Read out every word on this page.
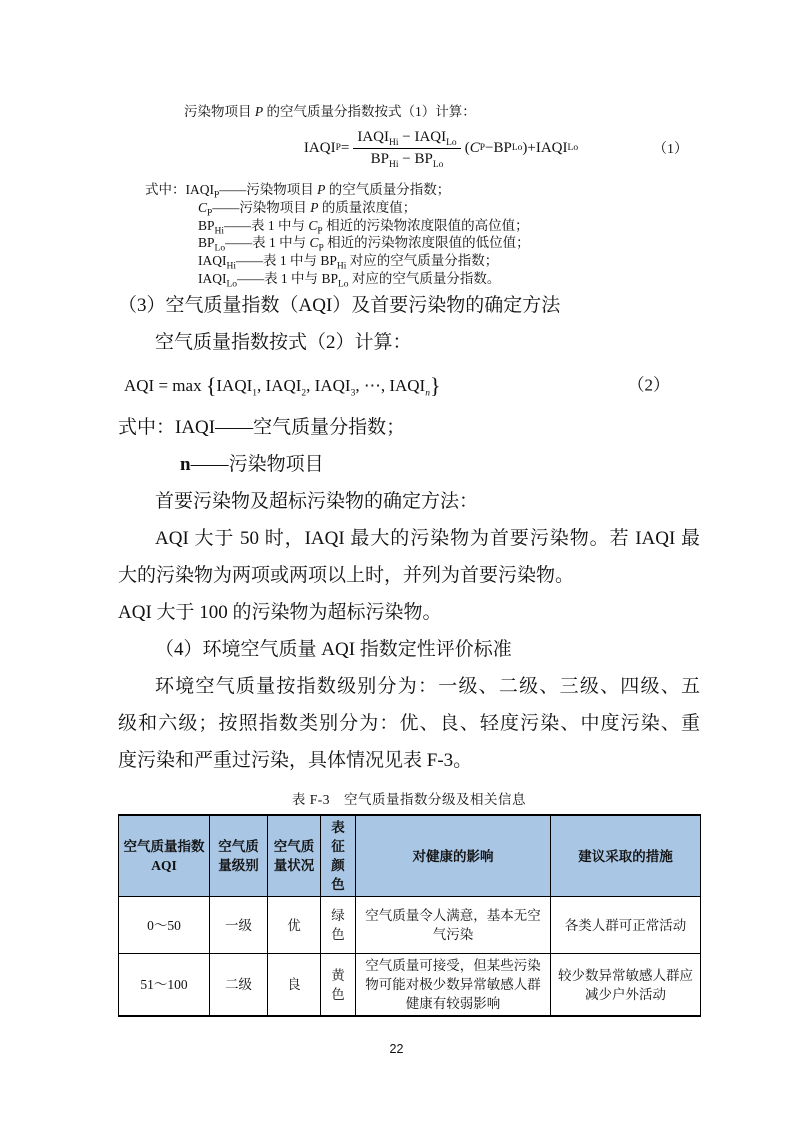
污染物项目 P 的空气质量分指数按式（1）计算：
IAQI $P = \frac{IAQI_{Hi} - IAQI_{Lo}}{BP_{Hi} - BP_{Lo}}$ ( C P − BP Lo ) + IAQI Lo	（1）
式中：$IAQI_P——$污染物项目 P 的空气质量分指数；
$C_P——$污染物项目 P 的质量浓度值；
$BP_{Hi}——$表 1 中与 $C_P$ 相近的污染物浓度限值的高位值；
$BP_{Lo}——$表 1 中与 $C_P$ 相近的污染物浓度限值的低位值；
$IAQI_{Hi}——$表 1 中与 $BP_{Hi}$ 对应的空气质量分指数；
$IAQI_{Lo}——$表 1 中与 $BP_{Lo}$ 对应的空气质量分指数。
（3）空气质量指数（AQI）及首要污染物的确定方法
空气质量指数按式（2）计算：
AQI = $\max \{IAQI_1$, $IAQI_2$, $IAQI_3$, ⋯, $IAQI_n$}	（2）
式中：IAQI——空气质量分指数；
n——污染物项目
首要污染物及超标污染物的确定方法：
AQI 大于 50 时，IAQI 最大的污染物为首要污染物。若 IAQI 最
大的污染物为两项或两项以上时，并列为首要污染物。
AQI 大于 100 的污染物为超标污染物。
（4）环境空气质量 AQI 指数定性评价标准
环境空气质量按指数级别分为：一级、二级、三级、四级、五
级和六级；按照指数类别分为：优、良、轻度污染、中度污染、重
度污染和严重过污染，具体情况见表 F-3。
表 F-3　空气质量指数分级及相关信息
空气质量指数AQI	空气质量级别	空气质量状况	表征颜色	对健康的影响	建议采取的措施
0～50	一级	优	绿色	空气质量令人满意，基本无空气污染	各类人群可正常活动
51～100	二级	良	黄色	空气质量可接受，但某些污染物可能对极少数异常敏感人群健康有较弱影响	较少数异常敏感人群应减少户外活动
22
